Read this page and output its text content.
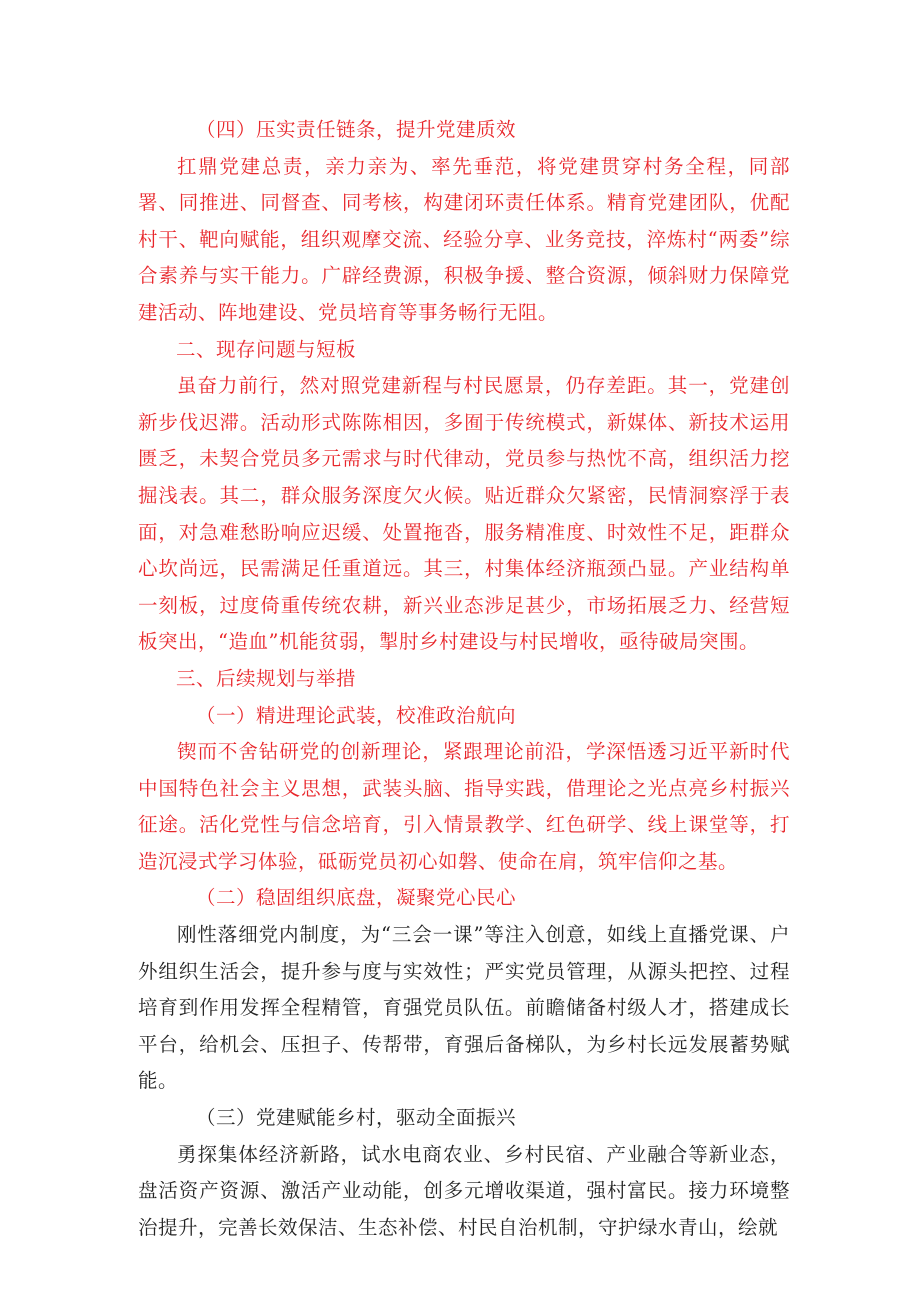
（四）压实责任链条，提升党建质效

扛鼎党建总责，亲力亲为、率先垂范，将党建贯穿村务全程，同部署、同推进、同督查、同考核，构建闭环责任体系。精育党建团队，优配村干、靶向赋能，组织观摩交流、经验分享、业务竞技，淬炼村“两委”综合素养与实干能力。广辟经费源，积极争援、整合资源，倾斜财力保障党建活动、阵地建设、党员培育等事务畅行无阻。

二、现存问题与短板

虽奋力前行，然对照党建新程与村民愿景，仍存差距。其一，党建创新步伐迟滞。活动形式陈陈相因，多囿于传统模式，新媒体、新技术运用匮乏，未契合党员多元需求与时代律动，党员参与热忱不高，组织活力挖掘浅表。其二，群众服务深度欠火候。贴近群众欠紧密，民情洞察浮于表面，对急难愁盼响应迟缓、处置拖沓，服务精准度、时效性不足，距群众心坎尚远，民需满足任重道远。其三，村集体经济瓶颈凸显。产业结构单一刻板，过度倚重传统农耕，新兴业态涉足甚少，市场拓展乏力、经营短板突出，“造血”机能贫弱，掣肘乡村建设与村民增收，亟待破局突围。

三、后续规划与举措

（一）精进理论武装，校准政治航向

锲而不舍钻研党的创新理论，紧跟理论前沿，学深悟透习近平新时代中国特色社会主义思想，武装头脑、指导实践，借理论之光点亮乡村振兴征途。活化党性与信念培育，引入情景教学、红色研学、线上课堂等，打造沉浸式学习体验，砥砺党员初心如磐、使命在肩，筑牢信仰之基。

（二）稳固组织底盘，凝聚党心民心

刚性落细党内制度，为“三会一课”等注入创意，如线上直播党课、户外组织生活会，提升参与度与实效性；严实党员管理，从源头把控、过程培育到作用发挥全程精管，育强党员队伍。前瞻储备村级人才，搭建成长平台，给机会、压担子、传帮带，育强后备梯队，为乡村长远发展蓄势赋能。

（三）党建赋能乡村，驱动全面振兴

勇探集体经济新路，试水电商农业、乡村民宿、产业融合等新业态，盘活资产资源、激活产业动能，创多元增收渠道，强村富民。接力环境整治提升，完善长效保洁、生态补偿、村民自治机制，守护绿水青山，绘就
